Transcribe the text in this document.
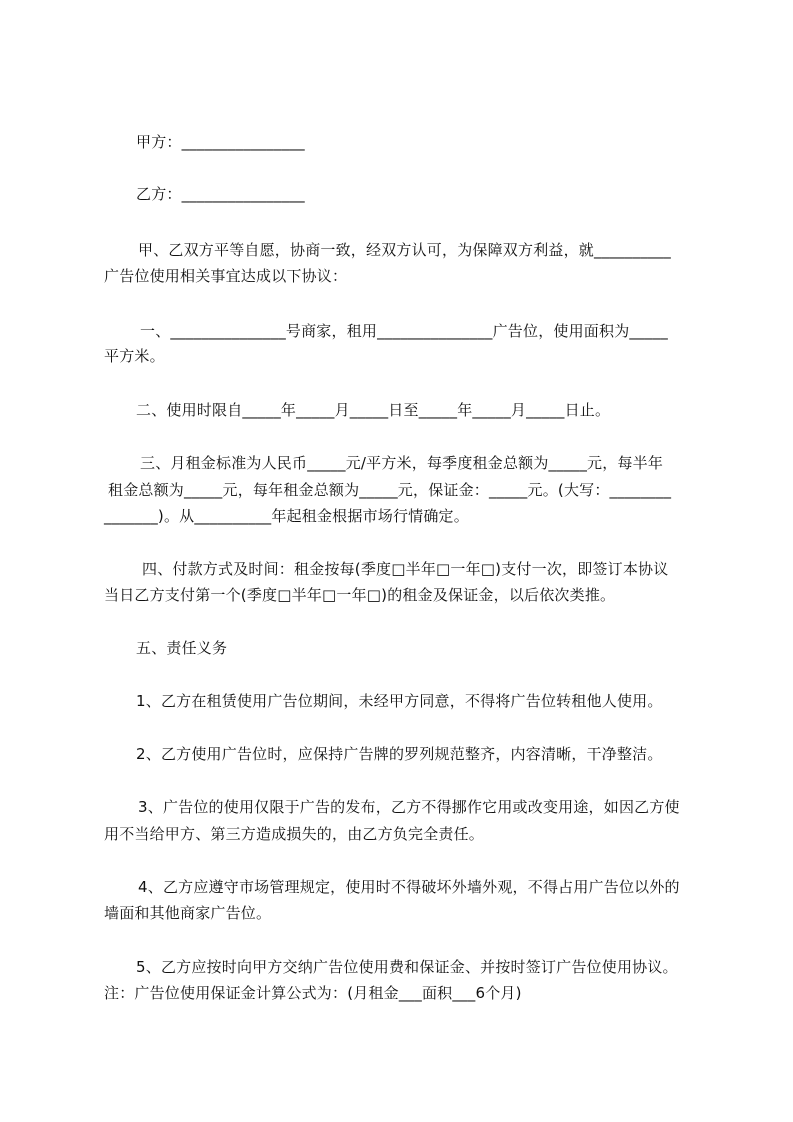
甲方：________________
乙方：________________
甲、乙双方平等自愿，协商一致，经双方认可，为保障双方利益，就__________
广告位使用相关事宜达成以下协议：
一、_______________号商家，租用_______________广告位，使用面积为_____
平方米。
二、使用时限自_____年_____月_____日至_____年_____月_____日止。
三、月租金标准为人民币_____元/平方米，每季度租金总额为_____元，每半年
租金总额为_____元，每年租金总额为_____元，保证金：_____元。(大写：________
_______)。从__________年起租金根据市场行情确定。
四、付款方式及时间：租金按每(季度□半年□一年□)支付一次，即签订本协议
当日乙方支付第一个(季度□半年□一年□)的租金及保证金，以后依次类推。
五、责任义务
1、乙方在租赁使用广告位期间，未经甲方同意，不得将广告位转租他人使用。
2、乙方使用广告位时，应保持广告牌的罗列规范整齐，内容清晰，干净整洁。
3、广告位的使用仅限于广告的发布，乙方不得挪作它用或改变用途，如因乙方使
用不当给甲方、第三方造成损失的，由乙方负完全责任。
4、乙方应遵守市场管理规定，使用时不得破坏外墙外观，不得占用广告位以外的
墙面和其他商家广告位。
5、乙方应按时向甲方交纳广告位使用费和保证金、并按时签订广告位使用协议。
注：广告位使用保证金计算公式为：(月租金___面积___6个月)
